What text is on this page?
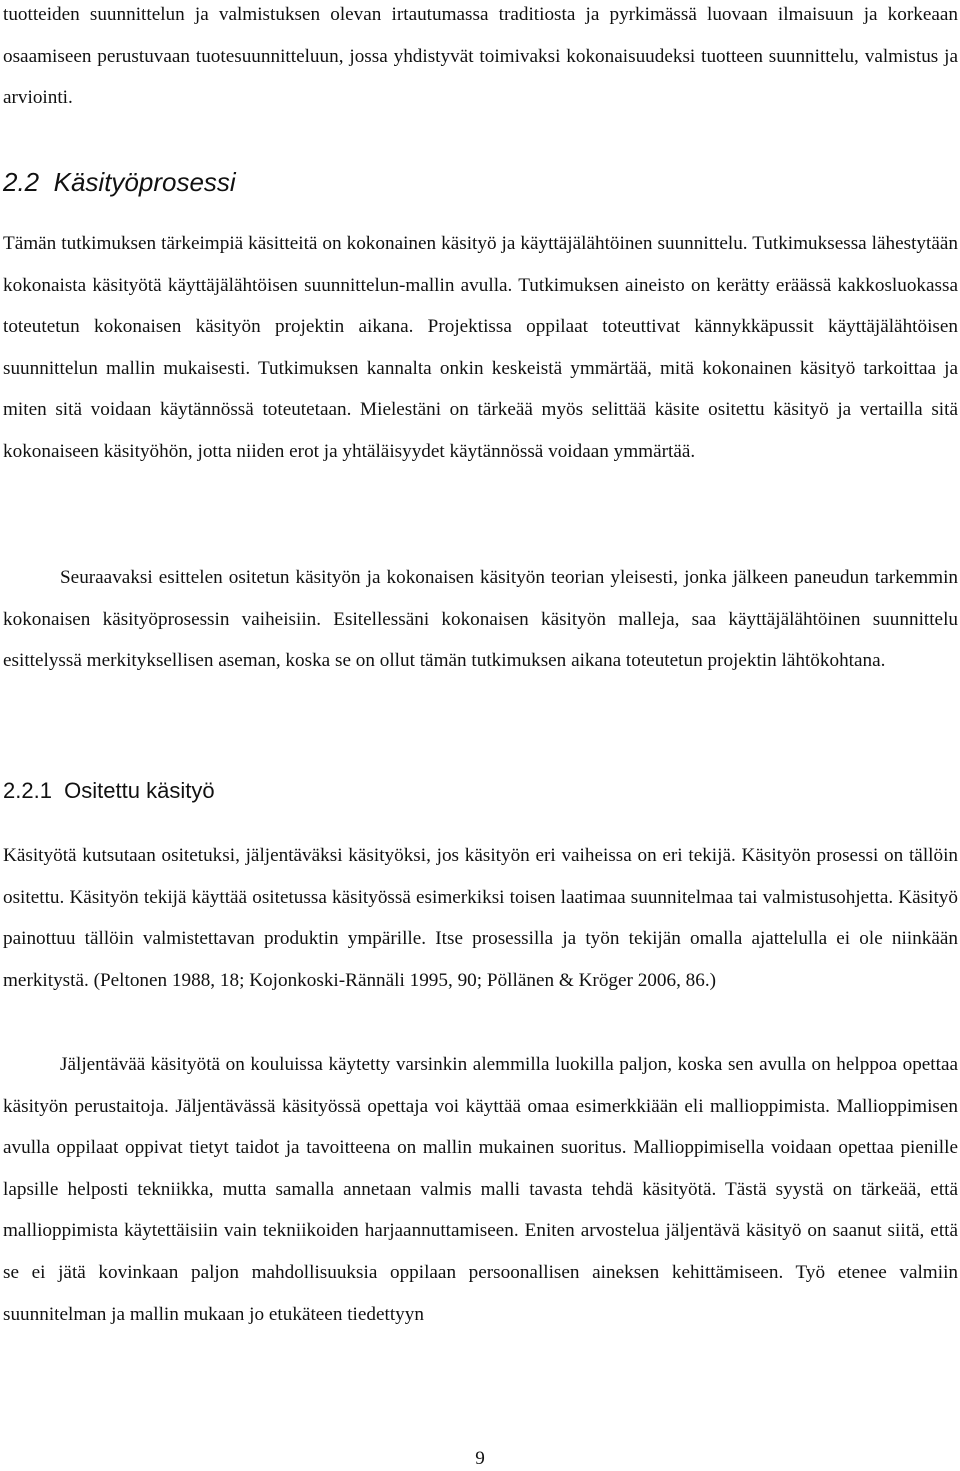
tuotteiden suunnittelun ja valmistuksen olevan irtautumassa traditiosta ja pyrkimässä luovaan ilmaisuun ja korkeaan osaamiseen perustuvaan tuotesuunnitteluun, jossa yhdistyvät toimivaksi kokonaisuudeksi tuotteen suunnittelu, valmistus ja arviointi.

2.2 Käsityöprosessi

Tämän tutkimuksen tärkeimpiä käsitteitä on kokonainen käsityö ja käyttäjälähtöinen suunnittelu. Tutkimuksessa lähestytään kokonaista käsityötä käyttäjälähtöisen suunnittelun-mallin avulla. Tutkimuksen aineisto on kerätty eräässä kakkosluokassa toteutetun kokonaisen käsityön projektin aikana. Projektissa oppilaat toteuttivat kännykkäpussit käyttäjälähtöisen suunnittelun mallin mukaisesti. Tutkimuksen kannalta onkin keskeistä ymmärtää, mitä kokonainen käsityö tarkoittaa ja miten sitä voidaan käytännössä toteutetaan. Mielestäni on tärkeää myös selittää käsite ositettu käsityö ja vertailla sitä kokonaiseen käsityöhön, jotta niiden erot ja yhtäläisyydet käytännössä voidaan ymmärtää.

Seuraavaksi esittelen ositetun käsityön ja kokonaisen käsityön teorian yleisesti, jonka jälkeen paneudun tarkemmin kokonaisen käsityöprosessin vaiheisiin. Esitellessäni kokonaisen käsityön malleja, saa käyttäjälähtöinen suunnittelu esittelyssä merkityksellisen aseman, koska se on ollut tämän tutkimuksen aikana toteutetun projektin lähtökohtana.

2.2.1 Ositettu käsityö

Käsityötä kutsutaan ositetuksi, jäljentäväksi käsityöksi, jos käsityön eri vaiheissa on eri tekijä. Käsityön prosessi on tällöin ositettu. Käsityön tekijä käyttää ositetussa käsityössä esimerkiksi toisen laatimaa suunnitelmaa tai valmistusohjetta. Käsityö painottuu tällöin valmistettavan produktin ympärille. Itse prosessilla ja työn tekijän omalla ajattelulla ei ole niinkään merkitystä. (Peltonen 1988, 18; Kojonkoski-Rännäli 1995, 90; Pöllänen & Kröger 2006, 86.)

Jäljentävää käsityötä on kouluissa käytetty varsinkin alemmilla luokilla paljon, koska sen avulla on helppoa opettaa käsityön perustaitoja. Jäljentävässä käsityössä opettaja voi käyttää omaa esimerkkiään eli mallioppimista. Mallioppimisen avulla oppilaat oppivat tietyt taidot ja tavoitteena on mallin mukainen suoritus. Mallioppimisella voidaan opettaa pienille lapsille helposti tekniikka, mutta samalla annetaan valmis malli tavasta tehdä käsityötä. Tästä syystä on tärkeää, että mallioppimista käytettäisiin vain tekniikoiden harjaannuttamiseen. Eniten arvostelua jäljentävä käsityö on saanut siitä, että se ei jätä kovinkaan paljon mahdollisuuksia oppilaan persoonallisen aineksen kehittämiseen. Työ etenee valmiin suunnitelman ja mallin mukaan jo etukäteen tiedettyyn

9
